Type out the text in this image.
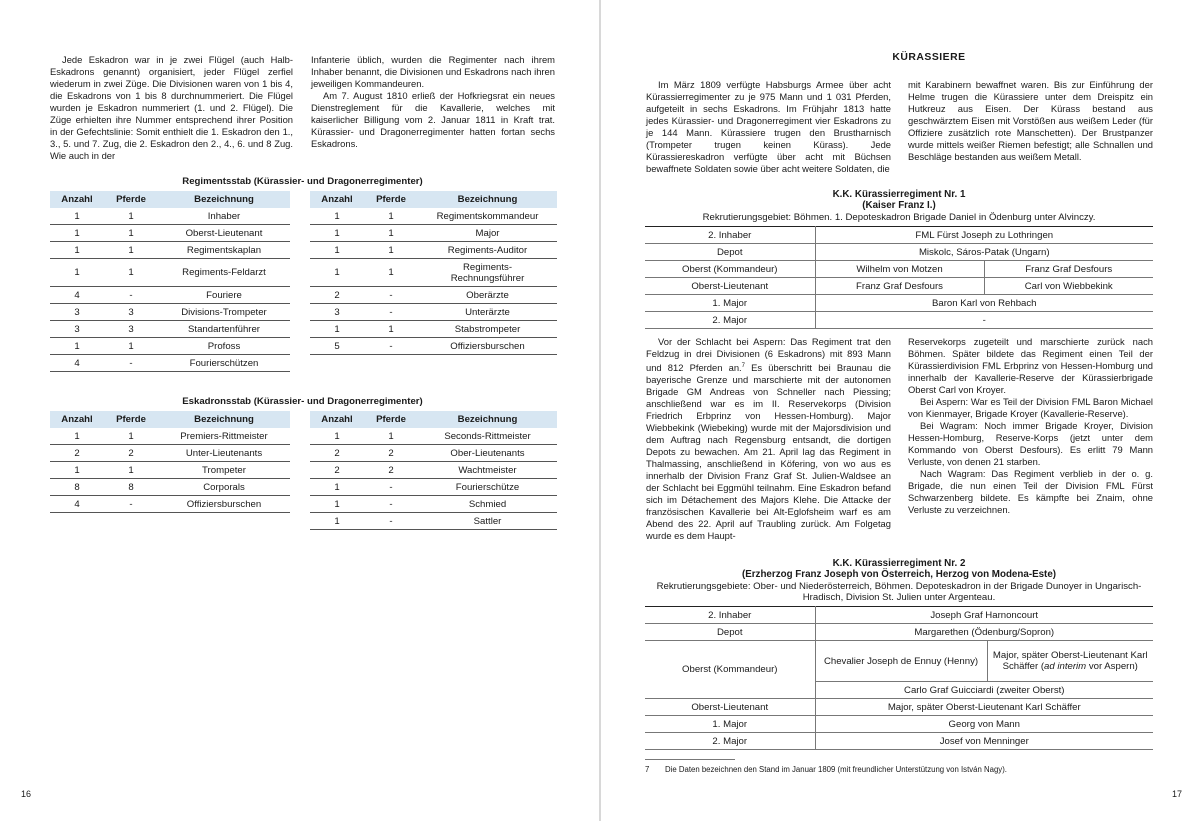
Jede Eskadron war in je zwei Flügel (auch Halb-Eskadrons genannt) organisiert, jeder Flügel zerfiel wiederum in zwei Züge. Die Divisionen waren von 1 bis 4, die Eskadrons von 1 bis 8 durchnummeriert. Die Flügel wurden je Eskadron nummeriert (1. und 2. Flügel). Die Züge erhielten ihre Nummer entsprechend ihrer Position in der Gefechtslinie: Somit enthielt die 1. Eskadron den 1., 3., 5. und 7. Zug, die 2. Eskadron den 2., 4., 6. und 8 Zug. Wie auch in der

Infanterie üblich, wurden die Regimenter nach ihrem Inhaber benannt, die Divisionen und Eskadrons nach ihren jeweiligen Kommandeuren.

Am 7. August 1810 erließ der Hofkriegsrat ein neues Dienstreglement für die Kavallerie, welches mit kaiserlicher Billigung vom 2. Januar 1811 in Kraft trat. Kürassier- und Dragonerregimenter hatten fortan sechs Eskadrons.

Regimentsstab (Kürassier- und Dragonerregimenter)
Anzahl	Pferde	Bezeichnung
1	1	Inhaber
1	1	Oberst-Lieutenant
1	1	Regimentskaplan
1	1	Regiments-Feldarzt
4	-	Fouriere
3	3	Divisions-Trompeter
3	3	Standartenführer
1	1	Profoss
4	-	Fourierschützen
Anzahl	Pferde	Bezeichnung
1	1	Regimentskommandeur
1	1	Major
1	1	Regiments-Auditor
1	1	Regiments-Rechnungsführer
2	-	Oberärzte
3	-	Unterärzte
1	1	Stabstrompeter
5	-	Offiziersburschen
Eskadronsstab (Kürassier- und Dragonerregimenter)
Anzahl	Pferde	Bezeichnung
1	1	Premiers-Rittmeister
2	2	Unter-Lieutenants
1	1	Trompeter
8	8	Corporals
4	-	Offiziersburschen
Anzahl	Pferde	Bezeichnung
1	1	Seconds-Rittmeister
2	2	Ober-Lieutenants
2	2	Wachtmeister
1	-	Fourierschütze
1	-	Schmied
1	-	Sattler
16
KÜRASSIERE

Im März 1809 verfügte Habsburgs Armee über acht Kürassierregimenter zu je 975 Mann und 1 031 Pferden, aufgeteilt in sechs Eskadrons. Im Frühjahr 1813 hatte jedes Kürassier- und Dragonerregiment vier Eskadrons zu je 144 Mann. Kürassiere trugen den Brustharnisch (Trompeter trugen keinen Kürass). Jede Kürassiereskadron verfügte über acht mit Büchsen bewaffnete Soldaten sowie über acht weitere Soldaten, die

mit Karabinern bewaffnet waren. Bis zur Einführung der Helme trugen die Kürassiere unter dem Dreispitz ein Hutkreuz aus Eisen. Der Kürass bestand aus geschwärztem Eisen mit Vorstößen aus weißem Leder (für Offiziere zusätzlich rote Manschetten). Der Brustpanzer wurde mittels weißer Riemen befestigt; alle Schnallen und Beschläge bestanden aus weißem Metall.

K.K. Kürassierregiment Nr. 1
(Kaiser Franz I.)
Rekrutierungsgebiet: Böhmen. 1. Depoteskadron Brigade Daniel in Ödenburg unter Alvinczy.
2. Inhaber	FML Fürst Joseph zu Lothringen	
Depot	Miskolc, Sáros-Patak (Ungarn)	
Oberst (Kommandeur)	Wilhelm von Motzen	Franz Graf Desfours
Oberst-Lieutenant	Franz Graf Desfours	Carl von Wiebbekink
1. Major	Baron Karl von Rehbach	
2. Major	-	

Vor der Schlacht bei Aspern: Das Regiment trat den Feldzug in drei Divisionen (6 Eskadrons) mit 893 Mann und 812 Pferden an.$^7$ Es überschritt bei Braunau die bayerische Grenze und marschierte mit der autonomen Brigade GM Andreas von Schneller nach Piessing; anschließend war es im II. Reservekorps (Division Friedrich Erbprinz von Hessen-Homburg). Major Wiebbekink (Wiebeking) wurde mit der Majorsdivision und dem Auftrag nach Regensburg entsandt, die dortigen Depots zu bewachen. Am 21. April lag das Regiment in Thalmassing, anschließend in Köfering, von wo aus es innerhalb der Division Franz Graf St. Julien-Waldsee an der Schlacht bei Eggmühl teilnahm. Eine Eskadron befand sich im Détachement des Majors Klehe. Die Attacke der französischen Kavallerie bei Alt-Eglofsheim warf es am Abend des 22. April auf Traubling zurück. Am Folgetag wurde es dem Haupt-

Reservekorps zugeteilt und marschierte zurück nach Böhmen. Später bildete das Regiment einen Teil der Kürassierdivision FML Erbprinz von Hessen-Homburg und innerhalb der Kavallerie-Reserve der Kürassierbrigade Oberst Carl von Kroyer.

Bei Aspern: War es Teil der Division FML Baron Michael von Kienmayer, Brigade Kroyer (Kavallerie-Reserve).

Bei Wagram: Noch immer Brigade Kroyer, Division Hessen-Homburg, Reserve-Korps (jetzt unter dem Kommando von Oberst Desfours). Es erlitt 79 Mann Verluste, von denen 21 starben.

Nach Wagram: Das Regiment verblieb in der o. g. Brigade, die nun einen Teil der Division FML Fürst Schwarzenberg bildete. Es kämpfte bei Znaim, ohne Verluste zu verzeichnen.

K.K. Kürassierregiment Nr. 2
(Erzherzog Franz Joseph von Österreich, Herzog von Modena-Este)
Rekrutierungsgebiete: Ober- und Niederösterreich, Böhmen. Depoteskadron in der Brigade Dunoyer in Ungarisch-Hradisch, Division St. Julien unter Argenteau.
2. Inhaber	Joseph Graf Harnoncourt	
Depot	Margarethen (Ödenburg/Sopron)	
Oberst (Kommandeur)	Chevalier Joseph de Ennuy (Henny)	Major, später Oberst-Lieutenant Karl Schäffer (ad interim vor Aspern)
	Carlo Graf Guicciardi (zweiter Oberst)	
Oberst-Lieutenant	Major, später Oberst-Lieutenant Karl Schäffer	
1. Major	Georg von Mann	
2. Major	Josef von Menninger	
7 Die Daten bezeichnen den Stand im Januar 1809 (mit freundlicher Unterstützung von István Nagy).
17
